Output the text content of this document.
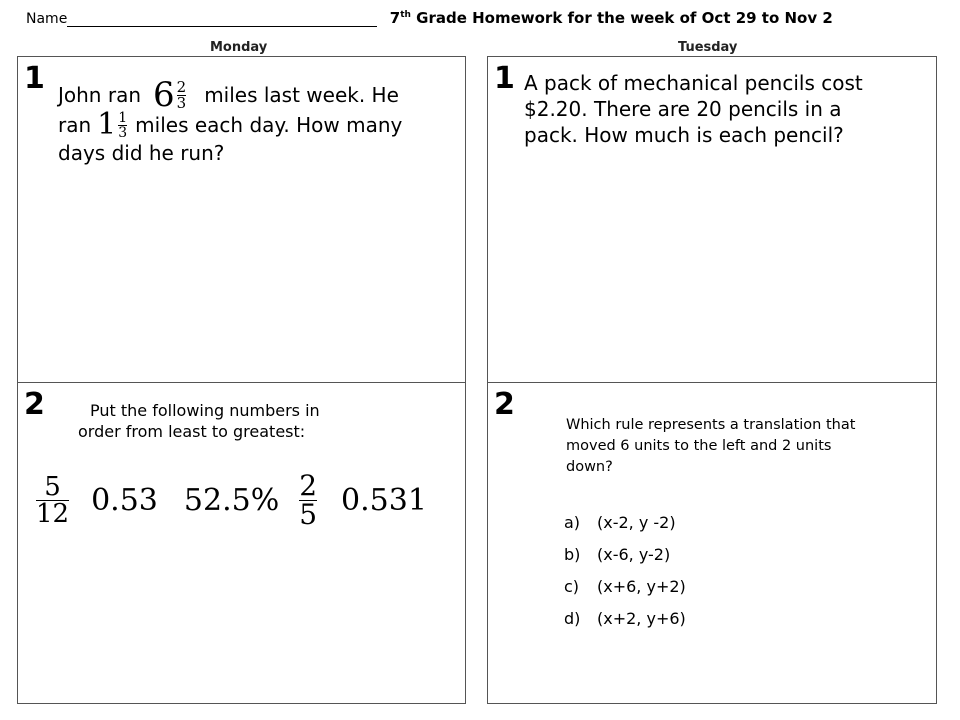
Name	7th Grade Homework for the week of Oct 29 to Nov 2
Monday	Tuesday
1 John ran $6 \frac{2}{3}$ miles last week. He
ran $1 \frac{1}{3}$ miles each day. How many
days did he run?
2	Put the following numbers in
order from least to greatest:
$\frac{5}{12} 0.53$ $52.5\% \frac{2}{5} 0.531$
1 A pack of mechanical pencils cost
$2.20. There are 20 pencils in a
pack. How much is each pencil?
2
Which rule represents a translation that
moved 6 units to the left and 2 units
down?
a)	(x-2, y -2)
b)	(x-6, y-2)
c)	(x+6, y+2)
d)	(x+2, y+6)
